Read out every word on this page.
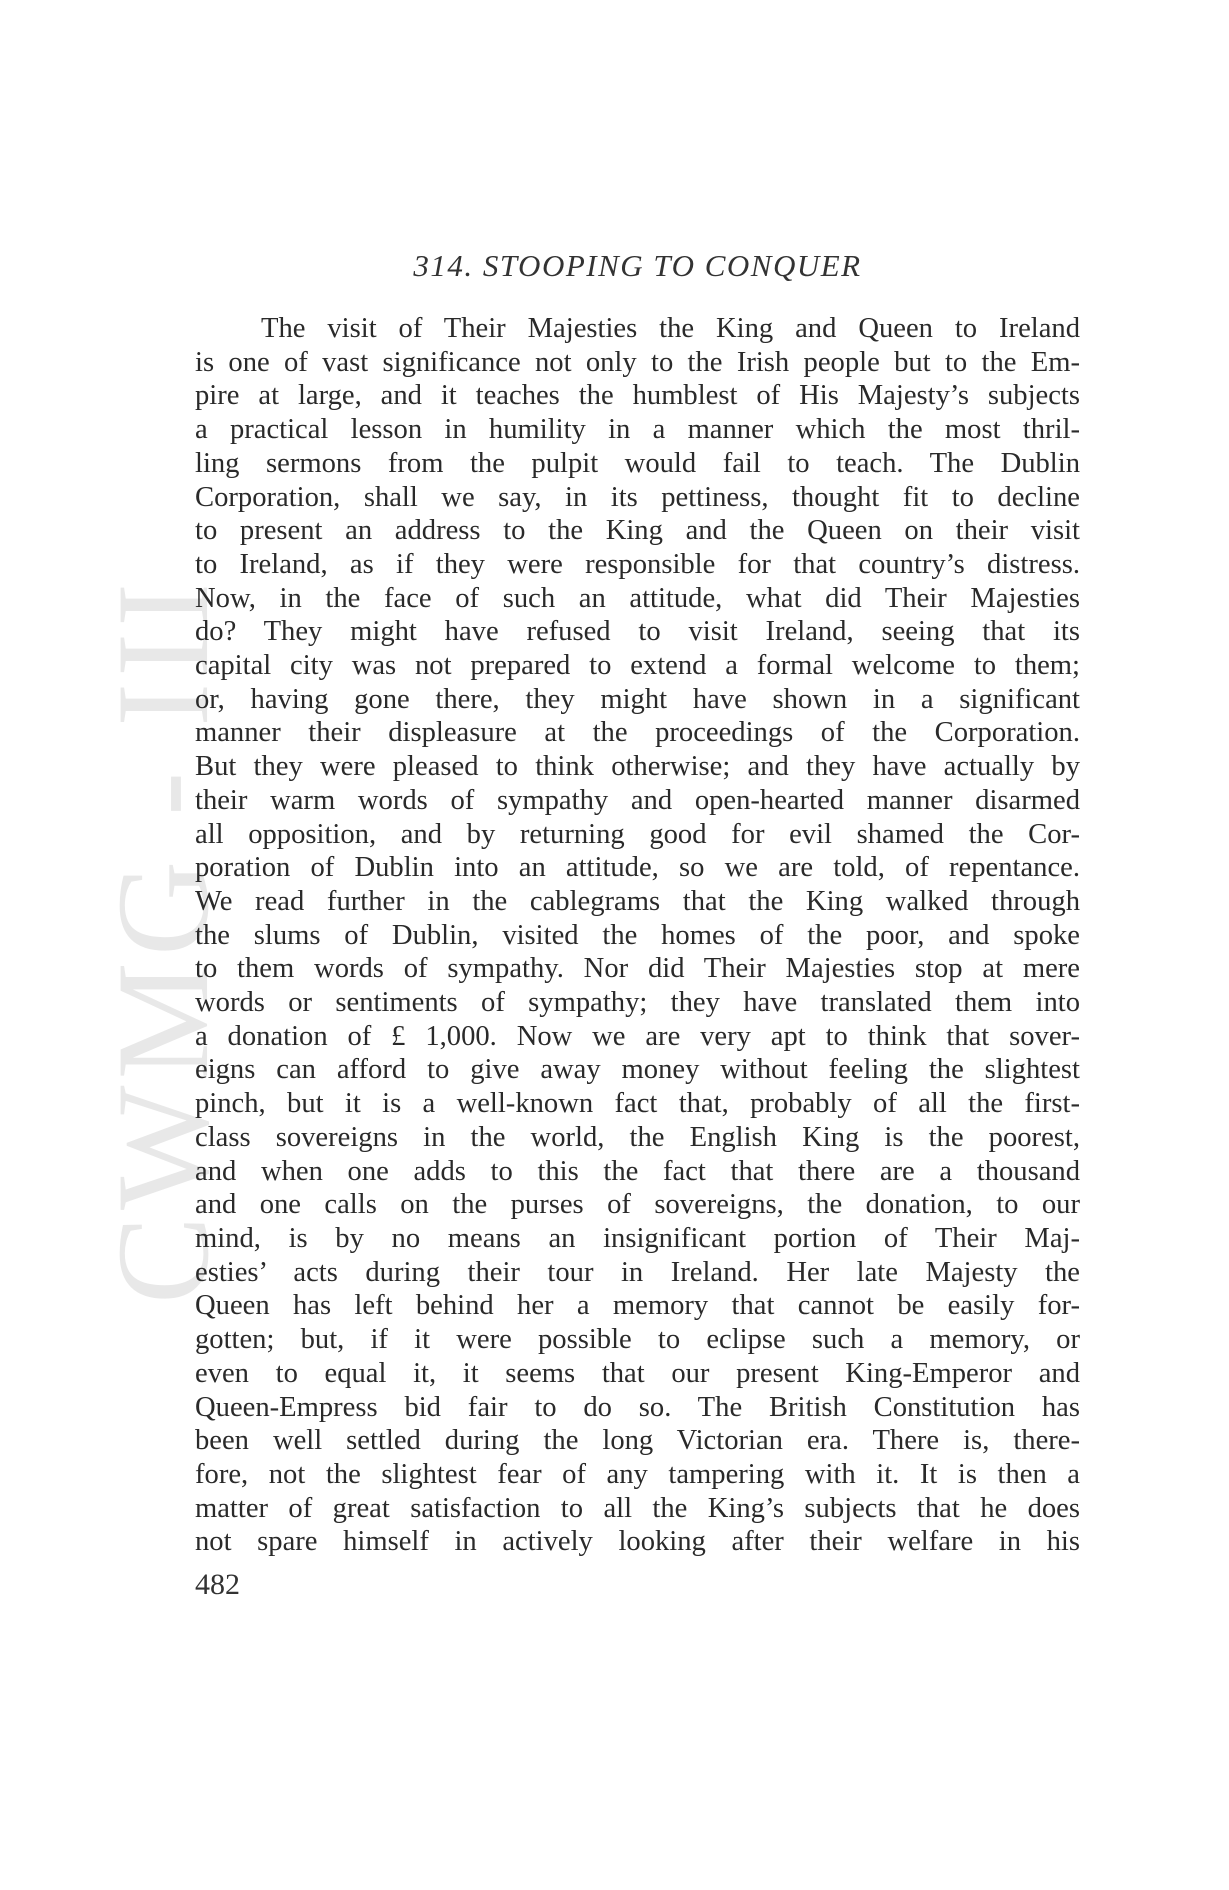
CWMG - III
314. STOOPING TO CONQUER
The visit of Their Majesties the King and Queen to Ireland
is one of vast significance not only to the Irish people but to the Em-
pire at large, and it teaches the humblest of His Majesty’s subjects
a practical lesson in humility in a manner which the most thril-
ling sermons from the pulpit would fail to teach. The Dublin
Corporation, shall we say, in its pettiness, thought fit to decline
to present an address to the King and the Queen on their visit
to Ireland, as if they were responsible for that country’s distress.
Now, in the face of such an attitude, what did Their Majesties
do? They might have refused to visit Ireland, seeing that its
capital city was not prepared to extend a formal welcome to them;
or, having gone there, they might have shown in a significant
manner their displeasure at the proceedings of the Corporation.
But they were pleased to think otherwise; and they have actually by
their warm words of sympathy and open-hearted manner disarmed
all opposition, and by returning good for evil shamed the Cor-
poration of Dublin into an attitude, so we are told, of repentance.
We read further in the cablegrams that the King walked through
the slums of Dublin, visited the homes of the poor, and spoke
to them words of sympathy. Nor did Their Majesties stop at mere
words or sentiments of sympathy; they have translated them into
a donation of £ 1,000. Now we are very apt to think that sover-
eigns can afford to give away money without feeling the slightest
pinch, but it is a well-known fact that, probably of all the first-
class sovereigns in the world, the English King is the poorest,
and when one adds to this the fact that there are a thousand
and one calls on the purses of sovereigns, the donation, to our
mind, is by no means an insignificant portion of Their Maj-
esties’ acts during their tour in Ireland. Her late Majesty the
Queen has left behind her a memory that cannot be easily for-
gotten; but, if it were possible to eclipse such a memory, or
even to equal it, it seems that our present King-Emperor and
Queen-Empress bid fair to do so. The British Constitution has
been well settled during the long Victorian era. There is, there-
fore, not the slightest fear of any tampering with it. It is then a
matter of great satisfaction to all the King’s subjects that he does
not spare himself in actively looking after their welfare in his
482
